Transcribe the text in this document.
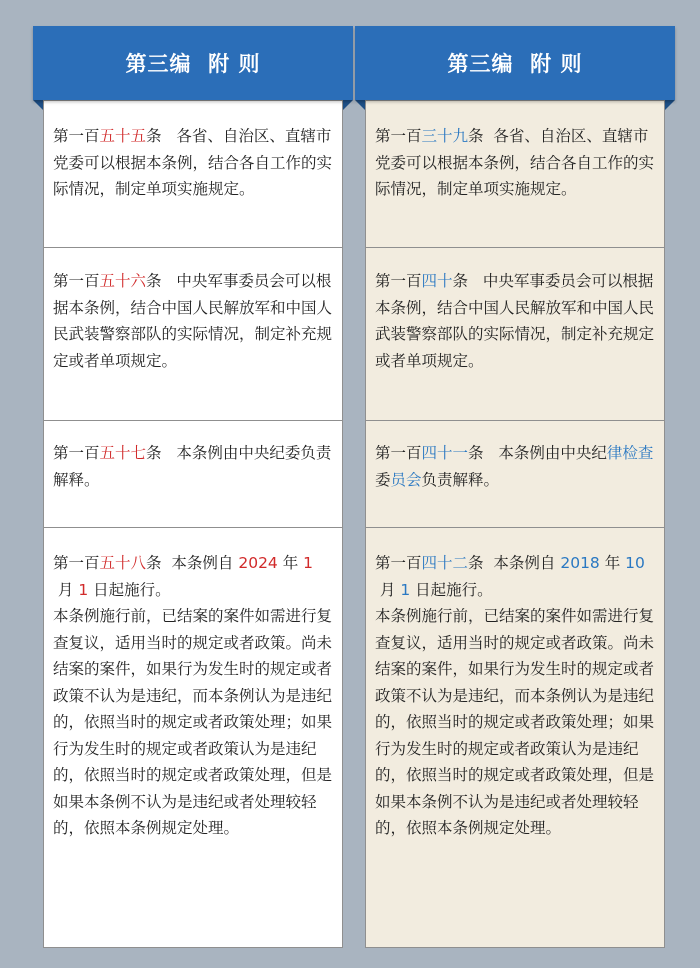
第三编  附 则
第一百五十五条 各省、自治区、直辖市党委可以根据本条例，结合各自工作的实际情况，制定单项实施规定。
第一百五十六条 中央军事委员会可以根据本条例，结合中国人民解放军和中国人民武装警察部队的实际情况，制定补充规定或者单项规定。
第一百五十七条 本条例由中央纪委负责解释。
第一百五十八条 本条例自 2024 年 1 月 1 日起施行。
本条例施行前，已结案的案件如需进行复查复议，适用当时的规定或者政策。尚未结案的案件，如果行为发生时的规定或者政策不认为是违纪，而本条例认为是违纪的，依照当时的规定或者政策处理；如果行为发生时的规定或者政策认为是违纪的，依照当时的规定或者政策处理，但是如果本条例不认为是违纪或者处理较轻的，依照本条例规定处理。
第三编  附 则
第一百三十九条 各省、自治区、直辖市党委可以根据本条例，结合各自工作的实际情况，制定单项实施规定。
第一百四十条 中央军事委员会可以根据本条例，结合中国人民解放军和中国人民武装警察部队的实际情况，制定补充规定或者单项规定。
第一百四十一条 本条例由中央纪律检查委员会负责解释。
第一百四十二条 本条例自 2018 年 10 月 1 日起施行。
本条例施行前，已结案的案件如需进行复查复议，适用当时的规定或者政策。尚未结案的案件，如果行为发生时的规定或者政策不认为是违纪，而本条例认为是违纪的，依照当时的规定或者政策处理；如果行为发生时的规定或者政策认为是违纪的，依照当时的规定或者政策处理，但是如果本条例不认为是违纪或者处理较轻的，依照本条例规定处理。
